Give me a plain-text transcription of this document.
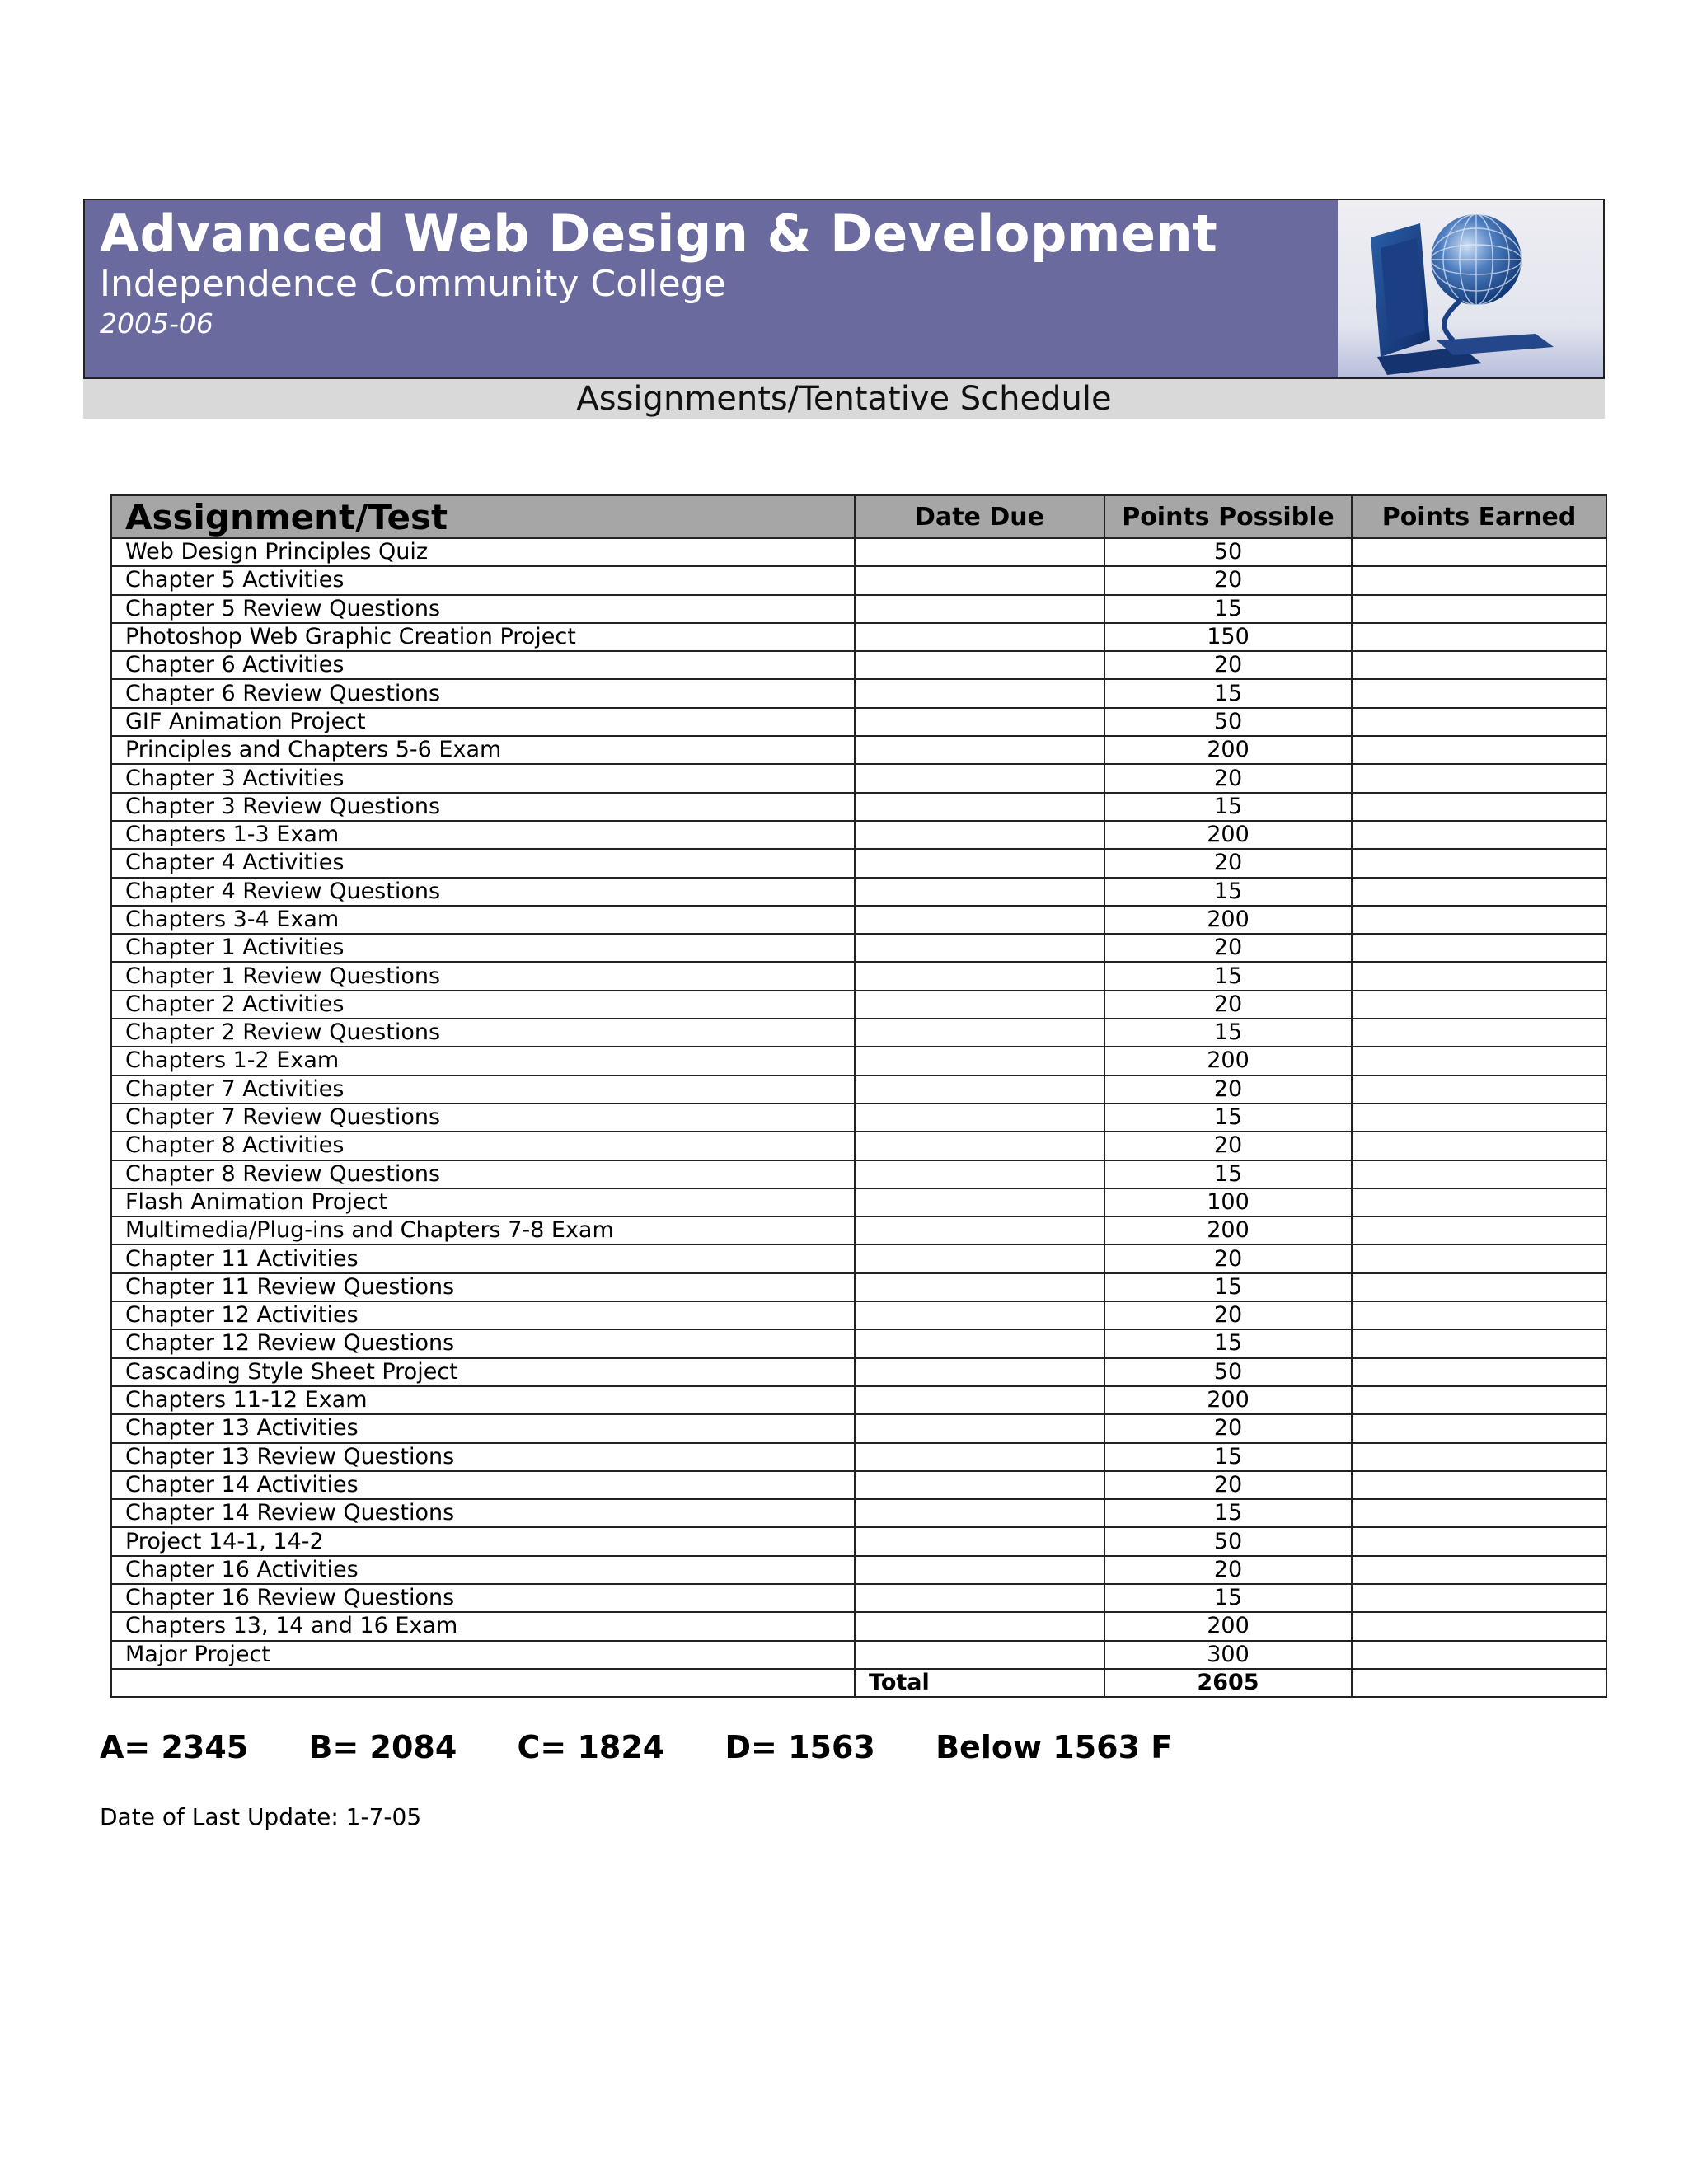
Advanced Web Design & Development
Independence Community College
2005-06
Assignments/Tentative Schedule
Assignment/Test	Date Due	Points Possible	Points Earned
Web Design Principles Quiz		50	
Chapter 5 Activities		20	
Chapter 5 Review Questions		15	
Photoshop Web Graphic Creation Project		150	
Chapter 6 Activities		20	
Chapter 6 Review Questions		15	
GIF Animation Project		50	
Principles and Chapters 5-6 Exam		200	
Chapter 3 Activities		20	
Chapter 3 Review Questions		15	
Chapters 1-3 Exam		200	
Chapter 4 Activities		20	
Chapter 4 Review Questions		15	
Chapters 3-4 Exam		200	
Chapter 1 Activities		20	
Chapter 1 Review Questions		15	
Chapter 2 Activities		20	
Chapter 2 Review Questions		15	
Chapters 1-2 Exam		200	
Chapter 7 Activities		20	
Chapter 7 Review Questions		15	
Chapter 8 Activities		20	
Chapter 8 Review Questions		15	
Flash Animation Project		100	
Multimedia/Plug-ins and Chapters 7-8 Exam		200	
Chapter 11 Activities		20	
Chapter 11 Review Questions		15	
Chapter 12 Activities		20	
Chapter 12 Review Questions		15	
Cascading Style Sheet Project		50	
Chapters 11-12 Exam		200	
Chapter 13 Activities		20	
Chapter 13 Review Questions		15	
Chapter 14 Activities		20	
Chapter 14 Review Questions		15	
Project 14-1, 14-2		50	
Chapter 16 Activities		20	
Chapter 16 Review Questions		15	
Chapters 13, 14 and 16 Exam		200	
Major Project		300	
	Total	2605	
A= 2345 B= 2084 C= 1824 D= 1563 Below 1563 F
Date of Last Update: 1-7-05
